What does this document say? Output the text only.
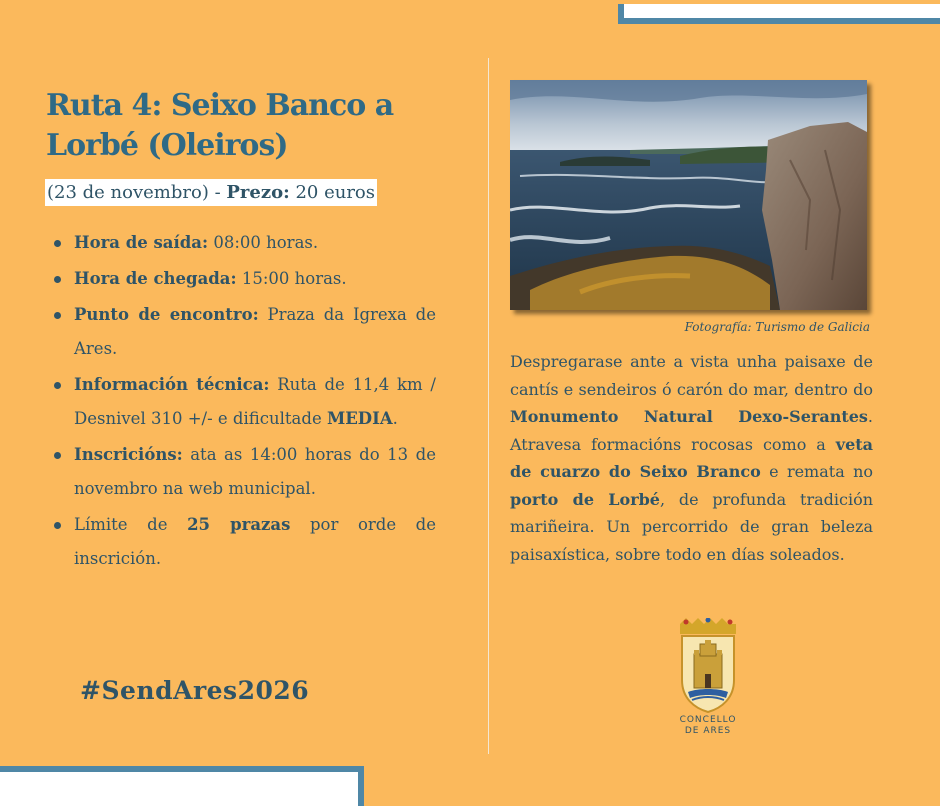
Ruta 4: Seixo Banco a Lorbé (Oleiros)
(23 de novembro) - Prezo: 20 euros
Hora de saída: 08:00 horas.
Hora de chegada: 15:00 horas.
Punto de encontro: Praza da Igrexa de Ares.
Información técnica: Ruta de 11,4 km / Desnivel 310 +/- e dificultade MEDIA.
Inscricións: ata as 14:00 horas do 13 de novembro na web municipal.
Límite de 25 prazas por orde de inscrición.
#SendAres2026
Fotografía: Turismo de Galicia

Despregarase ante a vista unha paisaxe de cantís e sendeiros ó carón do mar, dentro do Monumento Natural Dexo-Serantes. Atravesa formacións rocosas como a veta de cuarzo do Seixo Branco e remata no porto de Lorbé, de profunda tradición mariñeira. Un percorrido de gran beleza paisaxística, sobre todo en días soleados.

CONCELLO
DE ARES
